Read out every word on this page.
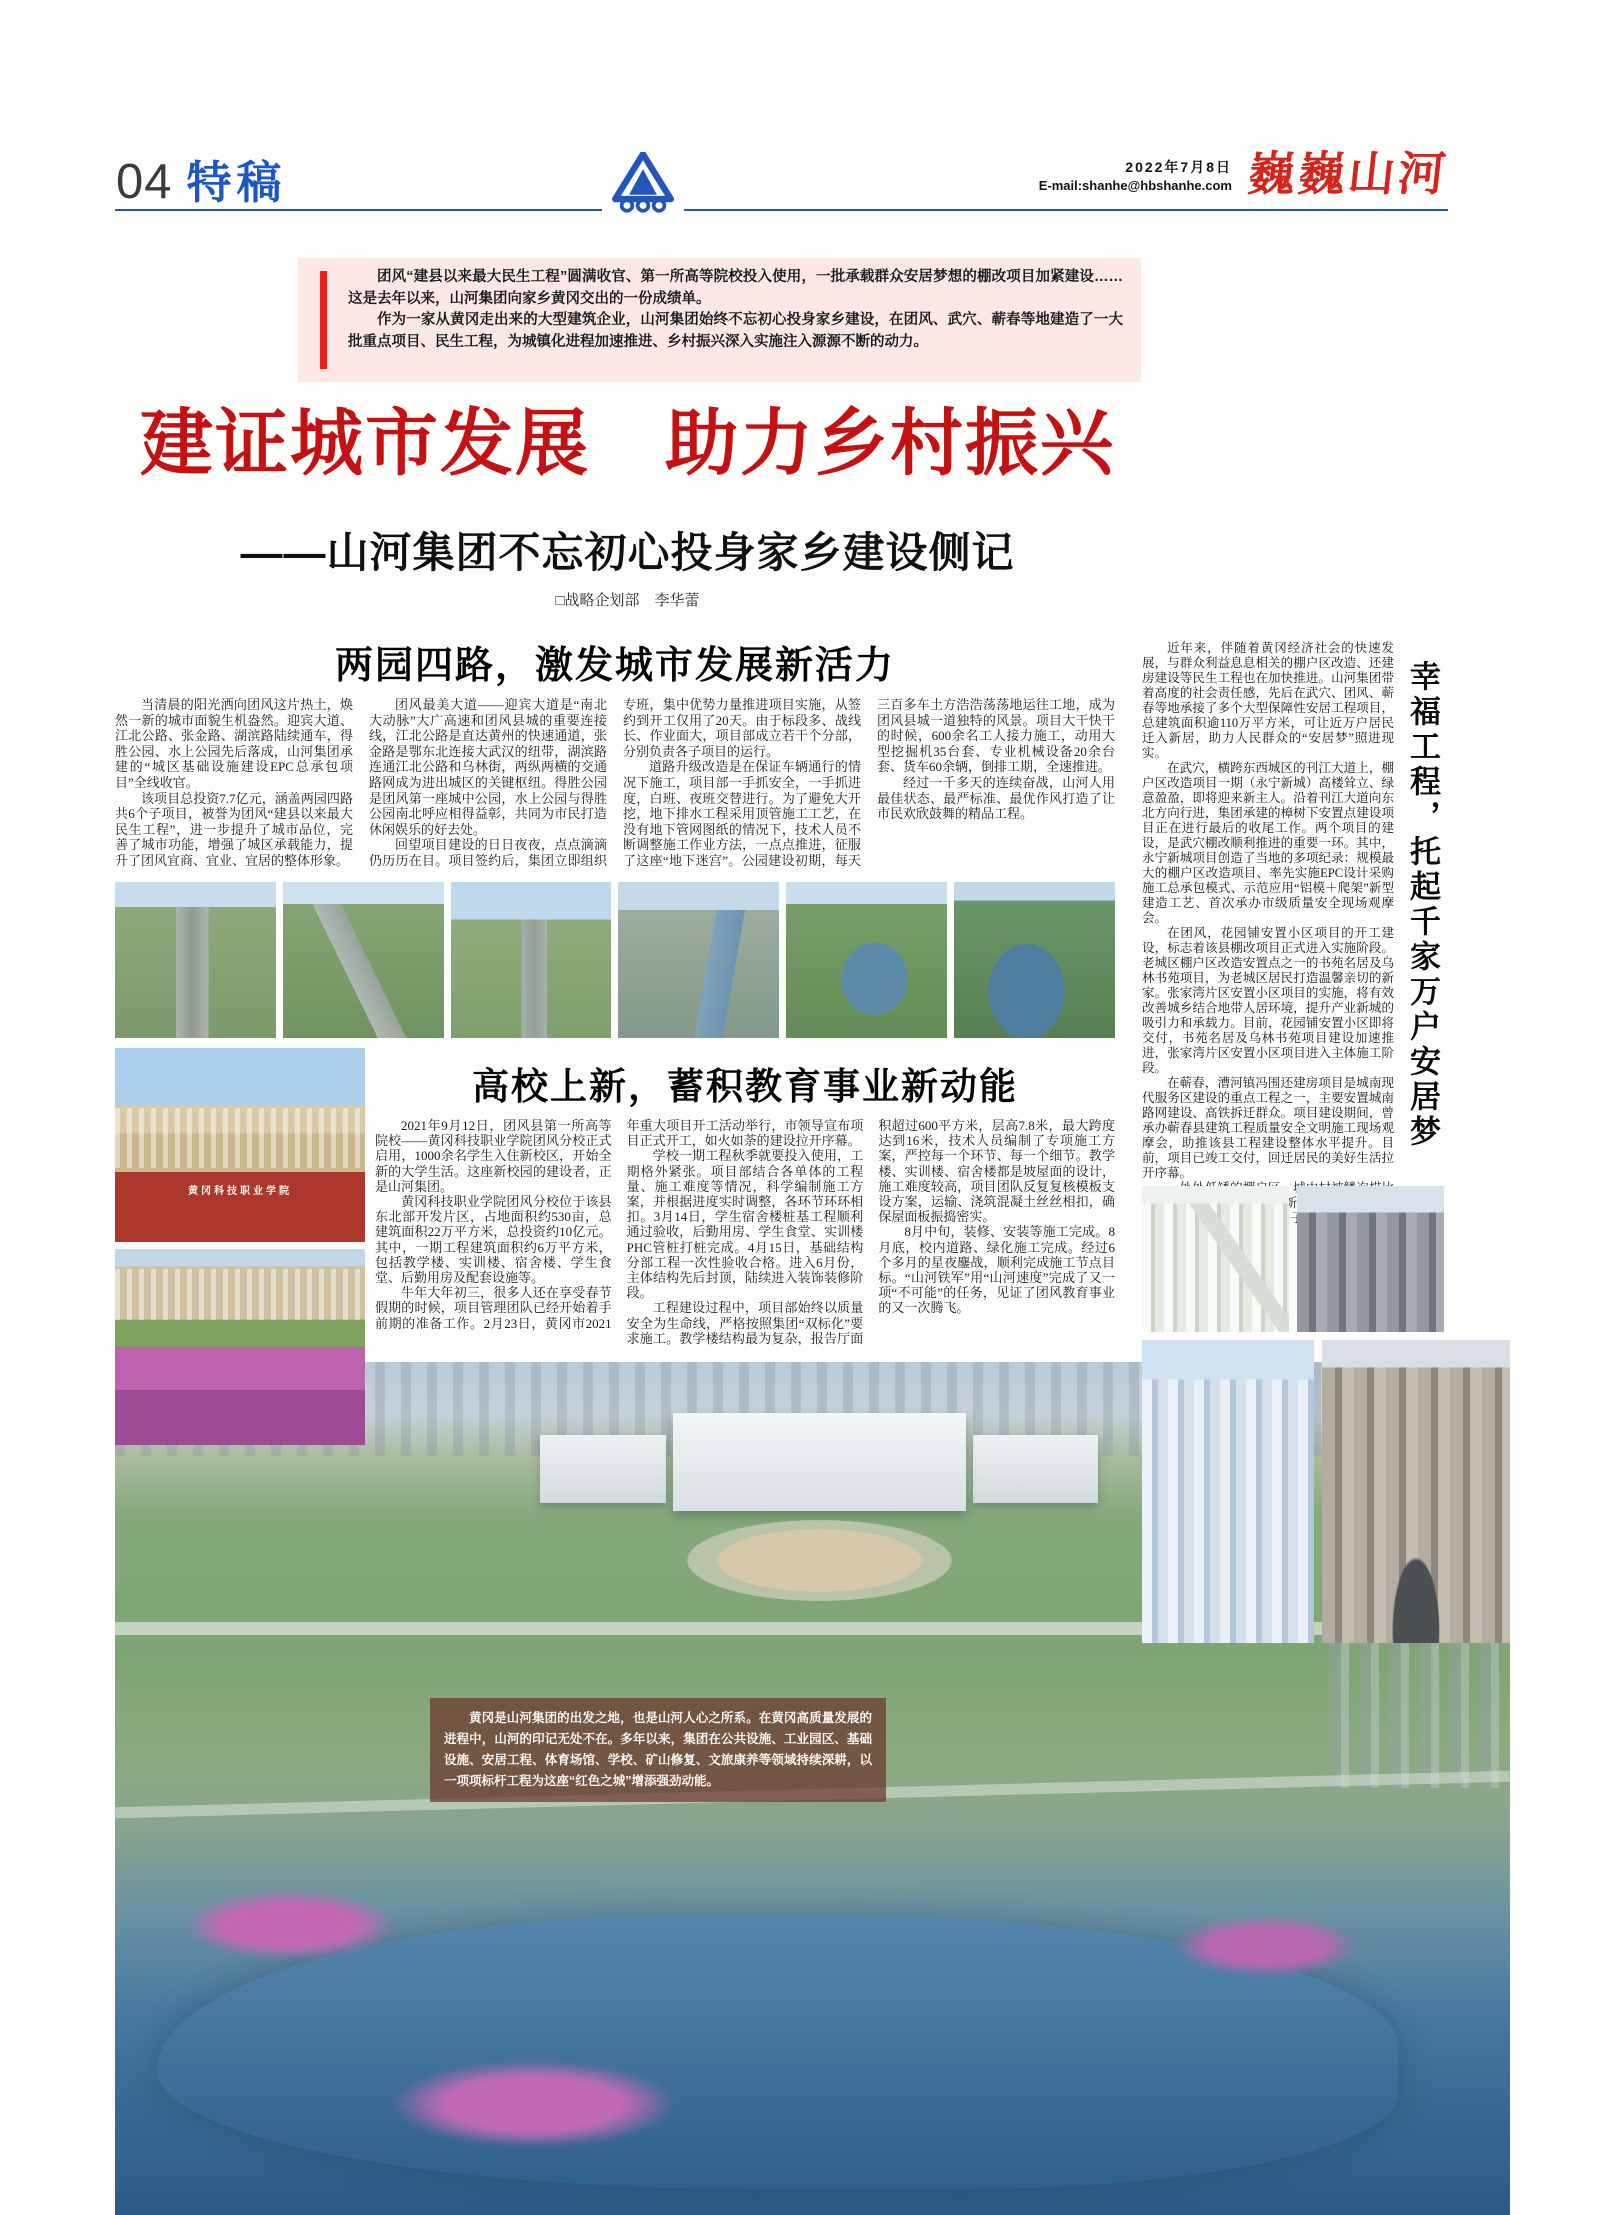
04 特稿	2022年7月8日
E-mail:shanhe@hbshanhe.com 巍巍山河

团风“建县以来最大民生工程”圆满收官、第一所高等院校投入使用，一批承载群众安居梦想的棚改项目加紧建设……这是去年以来，山河集团向家乡黄冈交出的一份成绩单。

作为一家从黄冈走出来的大型建筑企业，山河集团始终不忘初心投身家乡建设，在团风、武穴、蕲春等地建造了一大批重点项目、民生工程，为城镇化进程加速推进、乡村振兴深入实施注入源源不断的动力。

建证城市发展　助力乡村振兴
——山河集团不忘初心投身家乡建设侧记
□战略企划部　李华蕾
两园四路，激发城市发展新活力

当清晨的阳光洒向团风这片热土，焕然一新的城市面貌生机盎然。迎宾大道、江北公路、张金路、湖滨路陆续通车，得胜公园、水上公园先后落成，山河集团承建的“城区基础设施建设EPC总承包项目”全线收官。

该项目总投资7.7亿元，涵盖两园四路共6个子项目，被誉为团风“建县以来最大民生工程”，进一步提升了城市品位，完善了城市功能，增强了城区承载能力，提升了团风宜商、宜业、宜居的整体形象。

团风最美大道——迎宾大道是“南北大动脉”大广高速和团风县城的重要连接线，江北公路是直达黄州的快速通道，张金路是鄂东北连接大武汉的纽带，湖滨路连通江北公路和乌林街，两纵两横的交通路网成为进出城区的关键枢纽。得胜公园是团风第一座城中公园，水上公园与得胜公园南北呼应相得益彰，共同为市民打造休闲娱乐的好去处。

回望项目建设的日日夜夜，点点滴滴仍历历在目。项目签约后，集团立即组织专班，集中优势力量推进项目实施，从签约到开工仅用了20天。由于标段多、战线长、作业面大，项目部成立若干个分部，分别负责各子项目的运行。

道路升级改造是在保证车辆通行的情况下施工，项目部一手抓安全，一手抓进度，白班、夜班交替进行。为了避免大开挖，地下排水工程采用顶管施工工艺，在没有地下管网图纸的情况下，技术人员不断调整施工作业方法，一点点推进，征服了这座“地下迷宫”。公园建设初期，每天三百多车土方浩浩荡荡地运往工地，成为团风县城一道独特的风景。项目大干快干的时候，600余名工人接力施工，动用大型挖掘机35台套、专业机械设备20余台套、货车60余辆，倒排工期，全速推进。

经过一千多天的连续奋战，山河人用最佳状态、最严标准、最优作风打造了让市民欢欣鼓舞的精品工程。

黄冈科技职业学院
高校上新，蓄积教育事业新动能

2021年9月12日，团风县第一所高等院校——黄冈科技职业学院团风分校正式启用，1000余名学生入住新校区，开始全新的大学生活。这座新校园的建设者，正是山河集团。

黄冈科技职业学院团风分校位于该县东北部开发片区，占地面积约530亩，总建筑面积22万平方米，总投资约10亿元。其中，一期工程建筑面积约6万平方米，包括教学楼、实训楼、宿舍楼、学生食堂、后勤用房及配套设施等。

牛年大年初三，很多人还在享受春节假期的时候，项目管理团队已经开始着手前期的准备工作。2月23日，黄冈市2021年重大项目开工活动举行，市领导宣布项目正式开工，如火如荼的建设拉开序幕。

学校一期工程秋季就要投入使用，工期格外紧张。项目部结合各单体的工程量、施工难度等情况，科学编制施工方案，并根据进度实时调整，各环节环环相扣。3月14日，学生宿舍楼桩基工程顺利通过验收，后勤用房、学生食堂、实训楼PHC管桩打桩完成。4月15日，基础结构分部工程一次性验收合格。进入6月份，主体结构先后封顶，陆续进入装饰装修阶段。

工程建设过程中，项目部始终以质量安全为生命线，严格按照集团“双标化”要求施工。教学楼结构最为复杂，报告厅面积超过600平方米，层高7.8米，最大跨度达到16米，技术人员编制了专项施工方案，严控每一个环节、每一个细节。教学楼、实训楼、宿舍楼都是坡屋面的设计，施工难度较高，项目团队反复复核模板支设方案，运输、浇筑混凝土丝丝相扣，确保屋面板振捣密实。

8月中旬，装修、安装等施工完成。8月底，校内道路、绿化施工完成。经过6个多月的星夜鏖战，顺利完成施工节点目标。“山河铁军”用“山河速度”完成了又一项“不可能”的任务，见证了团风教育事业的又一次腾飞。

近年来，伴随着黄冈经济社会的快速发展，与群众利益息息相关的棚户区改造、还建房建设等民生工程也在加快推进。山河集团带着高度的社会责任感，先后在武穴、团风、蕲春等地承接了多个大型保障性安居工程项目，总建筑面积逾110万平方米，可让近万户居民迁入新居，助力人民群众的“安居梦”照进现实。

在武穴，横跨东西城区的刊江大道上，棚户区改造项目一期（永宁新城）高楼耸立、绿意盈盈，即将迎来新主人。沿着刊江大道向东北方向行进，集团承建的樟树下安置点建设项目正在进行最后的收尾工作。两个项目的建设，是武穴棚改顺利推进的重要一环。其中，永宁新城项目创造了当地的多项纪录：规模最大的棚户区改造项目、率先实施EPC设计采购施工总承包模式、示范应用“铝模＋爬架”新型建造工艺、首次承办市级质量安全现场观摩会。

在团风，花园铺安置小区项目的开工建设，标志着该县棚改项目正式进入实施阶段。老城区棚户区改造安置点之一的书苑名居及乌林书苑项目，为老城区居民打造温馨亲切的新家。张家湾片区安置小区项目的实施，将有效改善城乡结合地带人居环境，提升产业新城的吸引力和承载力。目前，花园铺安置小区即将交付，书苑名居及乌林书苑项目建设加速推进，张家湾片区安置小区项目进入主体施工阶段。

在蕲春，漕河镇冯围还建房项目是城南现代服务区建设的重点工程之一，主要安置城南路网建设、高铁拆迁群众。项目建设期间，曾承办蕲春县建筑工程质量安全文明施工现场观摩会，助推该县工程建设整体水平提升。目前，项目已竣工交付，回迁居民的美好生活拉开序幕。

幸福工程，托起千家万户安居梦
黄冈是山河集团的出发之地，也是山河人心之所系。在黄冈高质量发展的进程中，山河的印记无处不在。多年以来，集团在公共设施、工业园区、基础设施、安居工程、体育场馆、学校、矿山修复、文旅康养等领域持续深耕，以一项项标杆工程为这座“红色之城”增添强劲动能。
